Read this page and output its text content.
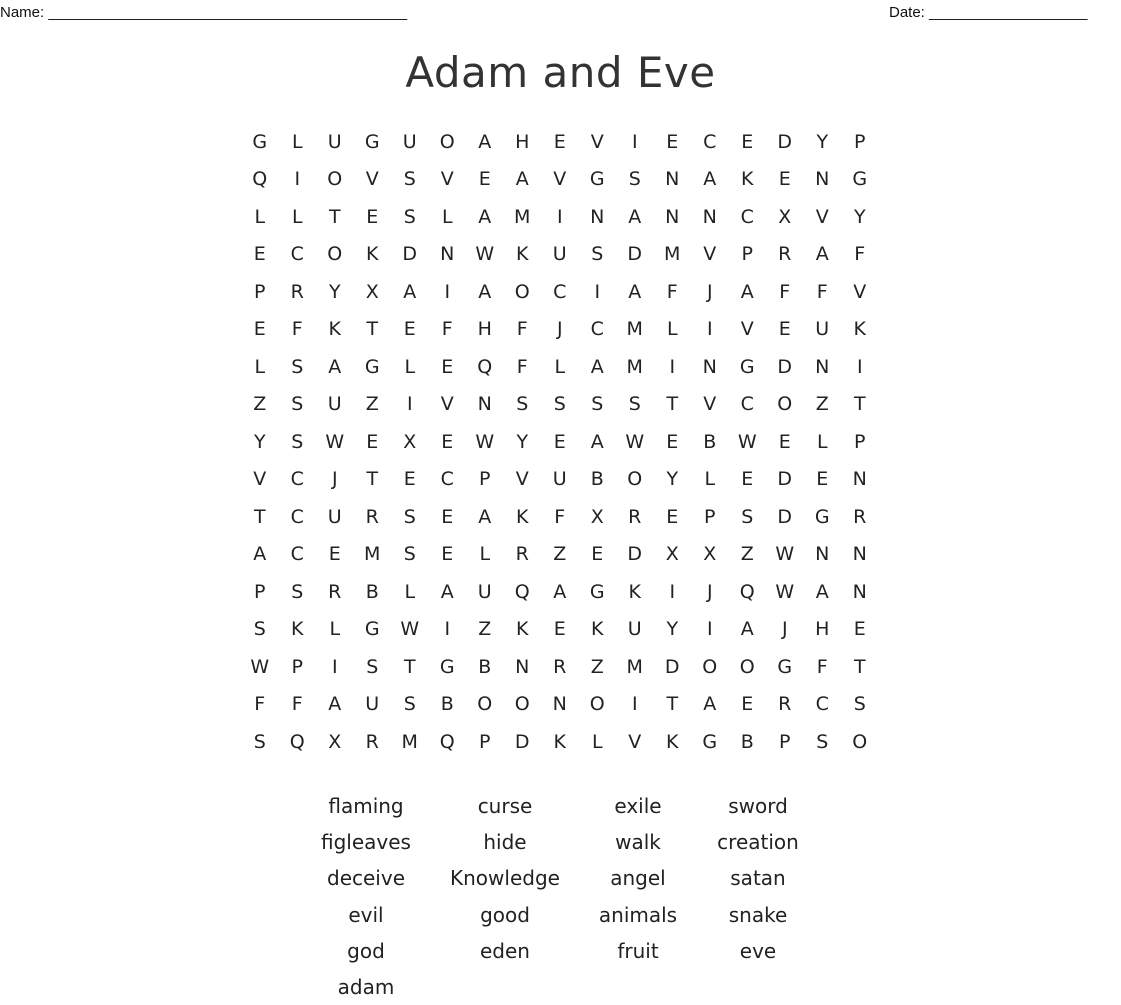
Name: ___________________________________________	Date: ___________________
Adam and Eve
G	L	U	G	U	O	A	H	E	V	I	E	C	E	D	Y	P
Q	I	O	V	S	V	E	A	V	G	S	N	A	K	E	N	G
L	L	T	E	S	L	A	M	I	N	A	N	N	C	X	V	Y
E	C	O	K	D	N	W	K	U	S	D	M	V	P	R	A	F
P	R	Y	X	A	I	A	O	C	I	A	F	J	A	F	F	V
E	F	K	T	E	F	H	F	J	C	M	L	I	V	E	U	K
L	S	A	G	L	E	Q	F	L	A	M	I	N	G	D	N	I
Z	S	U	Z	I	V	N	S	S	S	S	T	V	C	O	Z	T
Y	S	W	E	X	E	W	Y	E	A	W	E	B	W	E	L	P
V	C	J	T	E	C	P	V	U	B	O	Y	L	E	D	E	N
T	C	U	R	S	E	A	K	F	X	R	E	P	S	D	G	R
A	C	E	M	S	E	L	R	Z	E	D	X	X	Z	W	N	N
P	S	R	B	L	A	U	Q	A	G	K	I	J	Q	W	A	N
S	K	L	G	W	I	Z	K	E	K	U	Y	I	A	J	H	E
W	P	I	S	T	G	B	N	R	Z	M	D	O	O	G	F	T
F	F	A	U	S	B	O	O	N	O	I	T	A	E	R	C	S
S	Q	X	R	M	Q	P	D	K	L	V	K	G	B	P	S	O
flaming	curse	exile	sword
figleaves	hide	walk	creation
deceive	Knowledge	angel	satan
evil	good	animals	snake
god	eden	fruit	eve
adam
